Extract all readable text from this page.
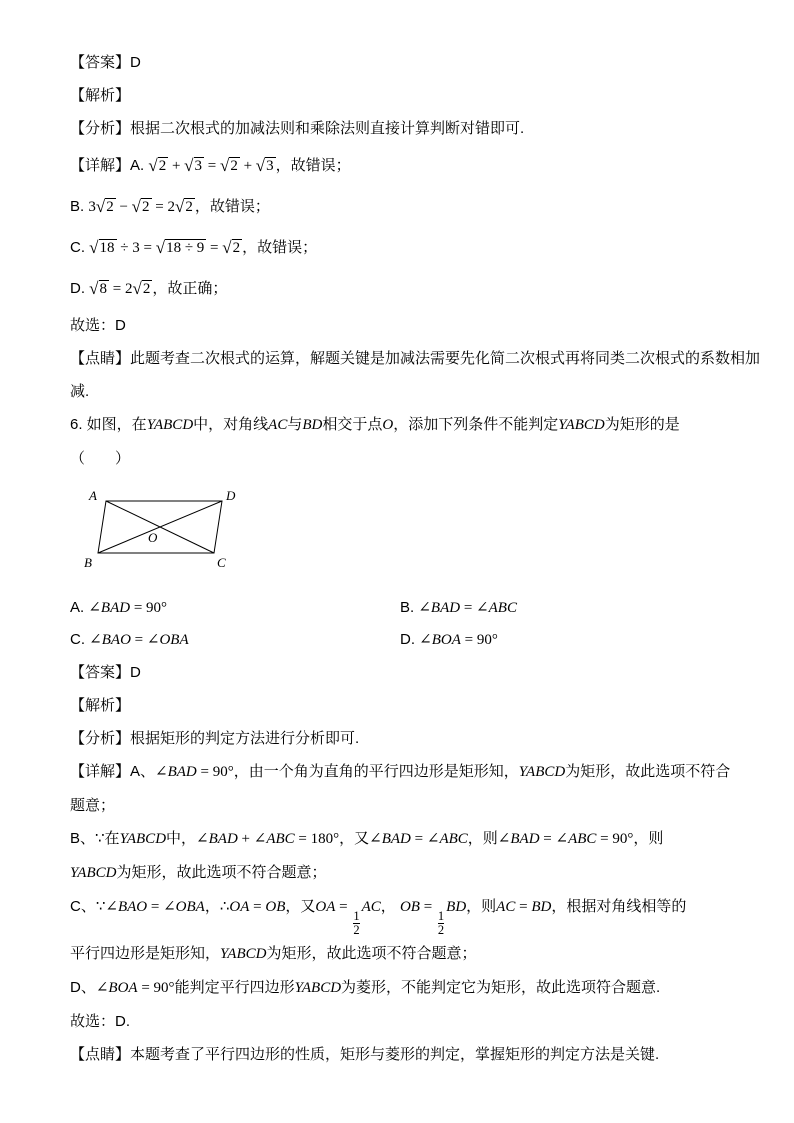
【答案】D

【解析】

【分析】根据二次根式的加减法则和乘除法则直接计算判断对错即可.

【详解】A. √2 + √3 = √2 + √3 ，故错误；

B. 3√2 − √2 = 2√2 ，故错误；

C. √18 ÷ 3 = √18 ÷ 9 = √2 ，故错误；

D. √8 = 2√2 ，故正确；

故选：D

【点睛】此题考查二次根式的运算，解题关键是加减法需要先化简二次根式再将同类二次根式的系数相加

减.

6. 如图，在YABCD中，对角线AC与BD相交于点O，添加下列条件不能判定YABCD为矩形的是

（　　）

A	D
B	C
O

A. ∠BAD = 90°	B. ∠BAD = ∠ABC

C. ∠BAO = ∠OBA	D. ∠BOA = 90°

【答案】D

【解析】

【分析】根据矩形的判定方法进行分析即可.

【详解】A、∠BAD = 90°，由一个角为直角的平行四边形是矩形知，YABCD为矩形，故此选项不符合

题意；

B、∵在YABCD中，∠BAD + ∠ABC = 180°，又∠BAD = ∠ABC，则∠BAD = ∠ABC = 90°，则

YABCD为矩形，故此选项不符合题意；

C、∵∠BAO = ∠OBA，∴OA = OB，又OA =
$\frac{1}{2}$
AC， OB =
$\frac{1}{2}$
BD，则AC = BD，根据对角线相等的

平行四边形是矩形知，YABCD为矩形，故此选项不符合题意；

D、∠BOA = 90°能判定平行四边形YABCD为菱形，不能判定它为矩形，故此选项符合题意.

故选：D.

【点睛】本题考查了平行四边形的性质，矩形与菱形的判定，掌握矩形的判定方法是关键.
